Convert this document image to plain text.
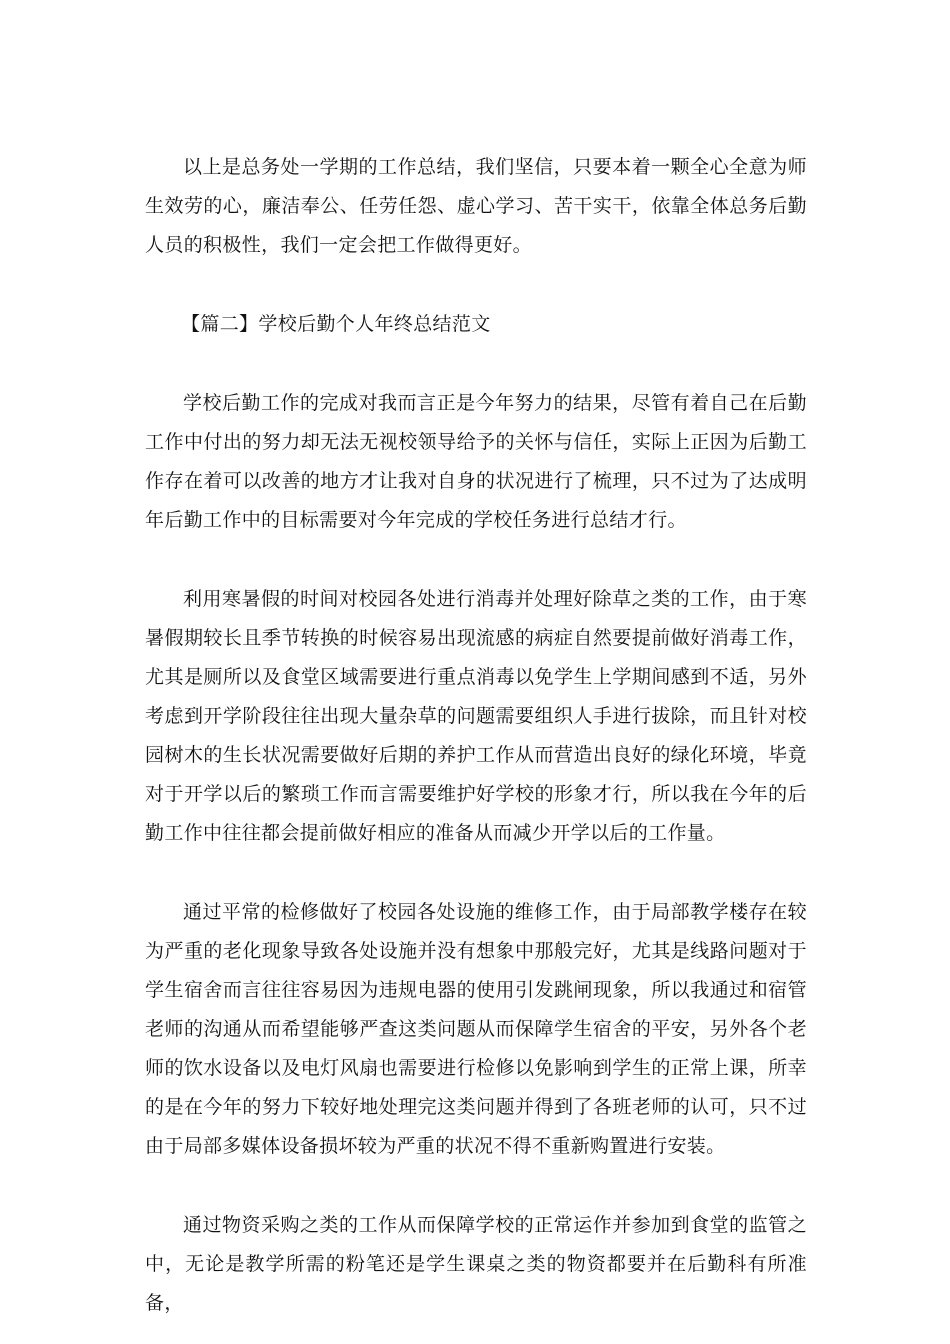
以上是总务处一学期的工作总结，我们坚信，只要本着一颗全心全意为师生效劳的心，廉洁奉公、任劳任怨、虚心学习、苦干实干，依靠全体总务后勤人员的积极性，我们一定会把工作做得更好。

【篇二】学校后勤个人年终总结范文

学校后勤工作的完成对我而言正是今年努力的结果，尽管有着自己在后勤工作中付出的努力却无法无视校领导给予的关怀与信任，实际上正因为后勤工作存在着可以改善的地方才让我对自身的状况进行了梳理，只不过为了达成明年后勤工作中的目标需要对今年完成的学校任务进行总结才行。

利用寒暑假的时间对校园各处进行消毒并处理好除草之类的工作，由于寒暑假期较长且季节转换的时候容易出现流感的病症自然要提前做好消毒工作，尤其是厕所以及食堂区域需要进行重点消毒以免学生上学期间感到不适，另外考虑到开学阶段往往出现大量杂草的问题需要组织人手进行拔除，而且针对校园树木的生长状况需要做好后期的养护工作从而营造出良好的绿化环境，毕竟对于开学以后的繁琐工作而言需要维护好学校的形象才行，所以我在今年的后勤工作中往往都会提前做好相应的准备从而减少开学以后的工作量。

通过平常的检修做好了校园各处设施的维修工作，由于局部教学楼存在较为严重的老化现象导致各处设施并没有想象中那般完好，尤其是线路问题对于学生宿舍而言往往容易因为违规电器的使用引发跳闸现象，所以我通过和宿管老师的沟通从而希望能够严查这类问题从而保障学生宿舍的平安，另外各个老师的饮水设备以及电灯风扇也需要进行检修以免影响到学生的正常上课，所幸的是在今年的努力下较好地处理完这类问题并得到了各班老师的认可，只不过由于局部多媒体设备损坏较为严重的状况不得不重新购置进行安装。

通过物资采购之类的工作从而保障学校的正常运作并参加到食堂的监管之中，无论是教学所需的粉笔还是学生课桌之类的物资都要并在后勤科有所准备，
